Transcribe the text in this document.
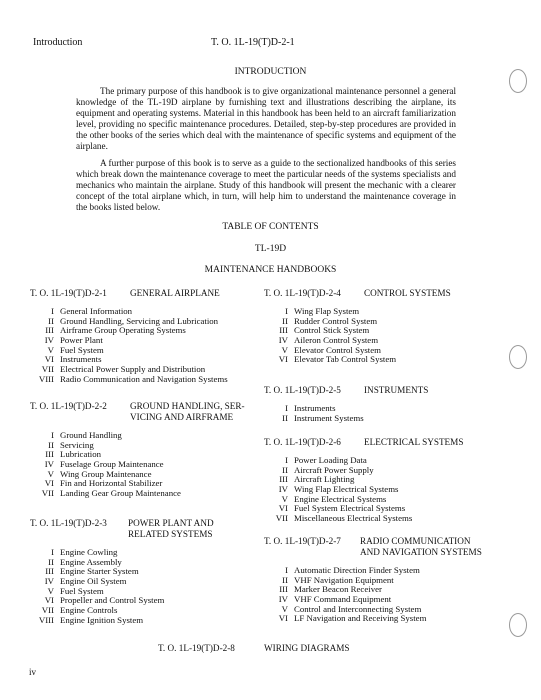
Introduction	T. O. 1L-19(T)D-2-1
INTRODUCTION

The primary purpose of this handbook is to give organizational maintenance personnel a general knowledge of the TL-19D airplane by furnishing text and illustrations describing the airplane, its equipment and operating systems. Material in this handbook has been held to an aircraft familiarization level, providing no specific maintenance procedures. Detailed, step-by-step procedures are provided in the other books of the series which deal with the maintenance of specific systems and equipment of the airplane.

A further purpose of this book is to serve as a guide to the sectionalized handbooks of this series which break down the maintenance coverage to meet the particular needs of the systems specialists and mechanics who maintain the airplane. Study of this handbook will present the mechanic with a clearer concept of the total airplane which, in turn, will help him to understand the maintenance coverage in the books listed below.

TABLE OF CONTENTS
TL-19D
MAINTENANCE HANDBOOKS
T. O. 1L-19(T)D-2-1	GENERAL AIRPLANE
I General Information
II Ground Handling, Servicing and Lubrication
III Airframe Group Operating Systems
IV Power Plant
V Fuel System
VI Instruments
VII Electrical Power Supply and Distribution
VIII Radio Communication and Navigation Systems
T. O. 1L-19(T)D-2-2	GROUND HANDLING, SER-
VICING AND AIRFRAME
I Ground Handling
II Servicing
III Lubrication
IV Fuselage Group Maintenance
V Wing Group Maintenance
VI Fin and Horizontal Stabilizer
VII Landing Gear Group Maintenance
T. O. 1L-19(T)D-2-3 POWER PLANT AND
RELATED SYSTEMS
I Engine Cowling
II Engine Assembly
III Engine Starter System
IV Engine Oil System
V Fuel System
VI Propeller and Control System
VII Engine Controls
VIII Engine Ignition System
T. O. 1L-19(T)D-2-4	CONTROL SYSTEMS
I Wing Flap System
II Rudder Control System
III Control Stick System
IV Aileron Control System
V Elevator Control System
VI Elevator Tab Control System
T. O. 1L-19(T)D-2-5	INSTRUMENTS
I Instruments
II Instrument Systems
T. O. 1L-19(T)D-2-6	ELECTRICAL SYSTEMS
I Power Loading Data
II Aircraft Power Supply
III Aircraft Lighting
IV Wing Flap Electrical Systems
V Engine Electrical Systems
VI Fuel System Electrical Systems
VII Miscellaneous Electrical Systems
T. O. 1L-19(T)D-2-7 RADIO COMMUNICATION
AND NAVIGATION SYSTEMS
I Automatic Direction Finder System
II VHF Navigation Equipment
III Marker Beacon Receiver
IV VHF Command Equipment
V Control and Interconnecting System
VI LF Navigation and Receiving System
T. O. 1L-19(T)D-2-8	WIRING DIAGRAMS
iv
